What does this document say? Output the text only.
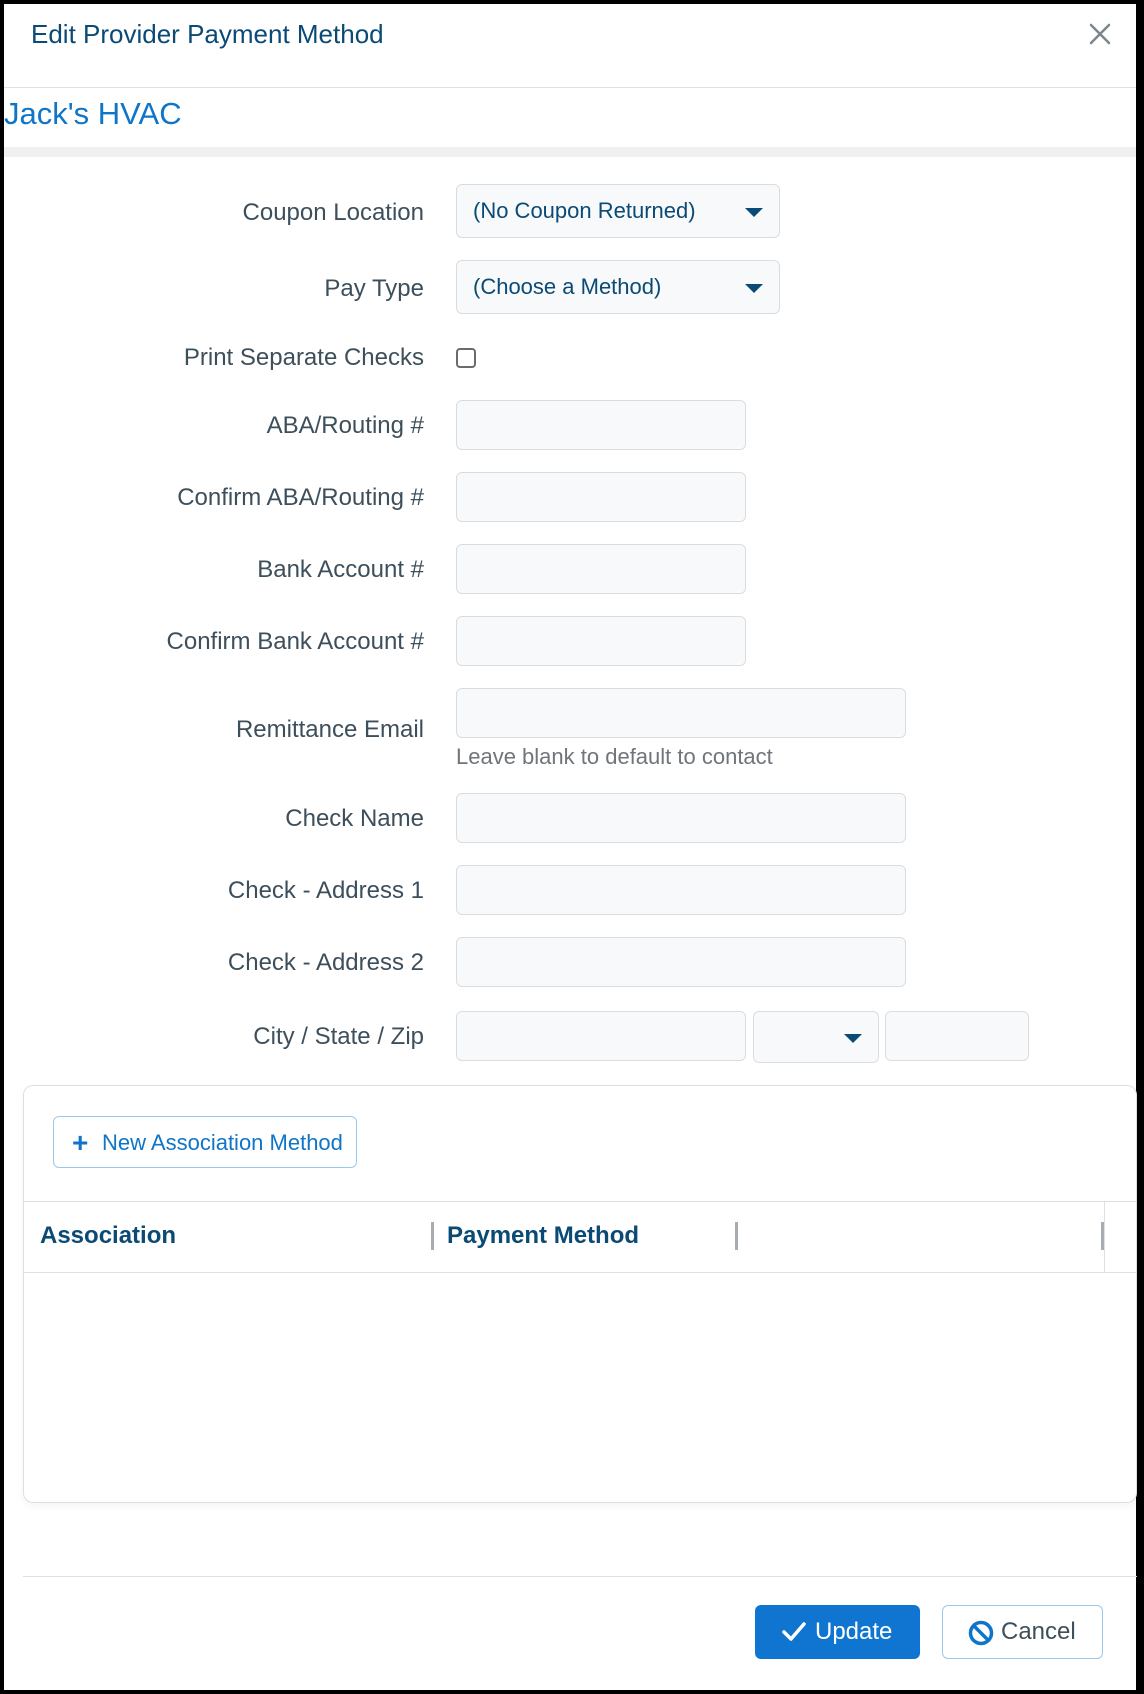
Edit Provider Payment Method
Jack's HVAC
Coupon Location (No Coupon Returned)
Pay Type (Choose a Method)
Print Separate Checks
ABA/Routing #
Confirm ABA/Routing #
Bank Account #
Confirm Bank Account #
Remittance Email
Leave blank to default to contact
Check Name
Check - Address 1
Check - Address 2
City / State / Zip
+ New Association Method
Association	Payment Method
Update	Cancel
